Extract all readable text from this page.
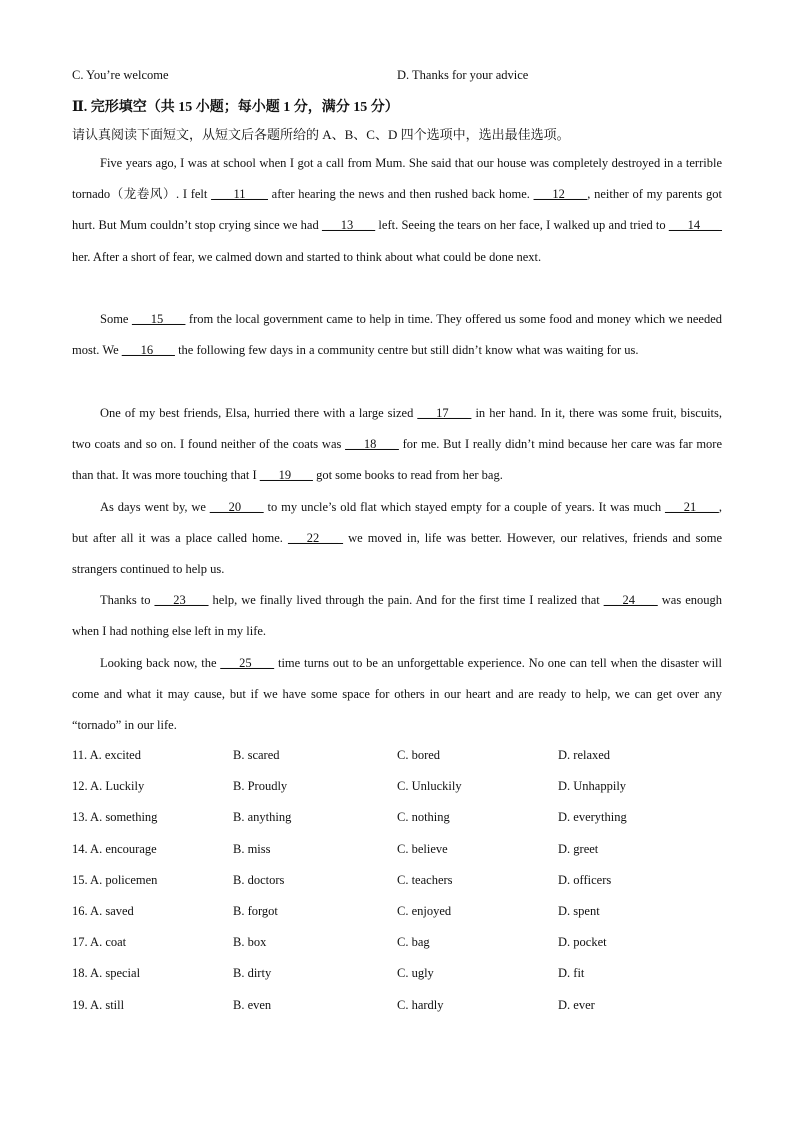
C. You’re welcome	D. Thanks for your advice
Ⅱ. 完形填空（共 15 小题；每小题 1 分，满分 15 分）
请认真阅读下面短文，从短文后各题所给的 A、B、C、D 四个选项中，选出最佳选项。

Five years ago, I was at school when I got a call from Mum. She said that our house was completely destroyed in a terrible tornado（龙卷风）. I felt  ___11___  after hearing the news and then rushed back home. ___12___ , neither of my parents got hurt. But Mum couldn’t stop crying since we had ___13___  left. Seeing the tears on her face, I walked up and tried to ___14___  her. After a short of fear, we calmed down and started to think about what could be done next.

Some ___15___  from the local government came to help in time. They offered us some food and money which we needed most. We ___16___  the following few days in a community centre but still didn’t know what was waiting for us.

One of my best friends, Elsa, hurried there with a large sized ___17___  in her hand. In it, there was some fruit, biscuits, two coats and so on. I found neither of the coats was ___18___  for me. But I really didn’t mind because her care was far more than that. It was more touching that I ___19___  got some books to read from her bag.

As days went by, we ___20___  to my uncle’s old flat which stayed empty for a couple of years. It was much ___21___ , but after all it was a place called home. ___22___  we moved in, life was better. However, our relatives, friends and some strangers continued to help us.

Thanks to ___23___  help, we finally lived through the pain. And for the first time I realized that ___24___  was enough when I had nothing else left in my life.

Looking back now, the ___25___  time turns out to be an unforgettable experience. No one can tell when the disaster will come and what it may cause, but if we have some space for others in our heart and are ready to help, we can get over any “tornado” in our life.

11. A. excited	B. scared	C. bored	D. relaxed
12. A. Luckily	B. Proudly	C. Unluckily	D. Unhappily
13. A. something	B. anything	C. nothing	D. everything
14. A. encourage	B. miss	C. believe	D. greet
15. A. policemen	B. doctors	C. teachers	D. officers
16. A. saved	B. forgot	C. enjoyed	D. spent
17. A. coat	B. box	C. bag	D. pocket
18. A. special	B. dirty	C. ugly	D. fit
19. A. still	B. even	C. hardly	D. ever
